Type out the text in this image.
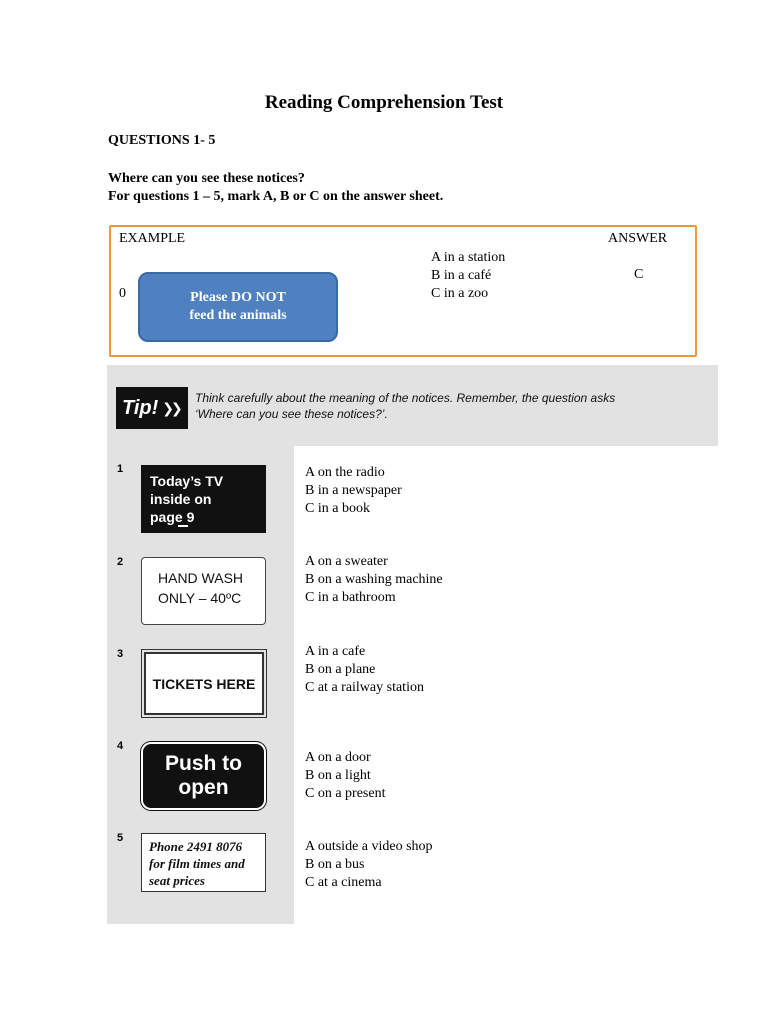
Reading Comprehension Test
QUESTIONS 1- 5
Where can you see these notices?
For questions 1 – 5, mark A, B or C on the answer sheet.
EXAMPLE	ANSWER
0	Please DO NOT
feed the animals
A in a station
B in a café
C in a zoo
C
Tip! ❯❯
Think carefully about the meaning of the notices. Remember, the question asks
‘Where can you see these notices?’.
1
Today’s TV
inside on
page 9
A on the radio
B in a newspaper
C in a book
2
HAND WASH
ONLY – 40ºC
A on a sweater
B on a washing machine
C in a bathroom
3
TICKETS HERE
A in a cafe
B on a plane
C at a railway station
4
Push to
open
A on a door
B on a light
C on a present
5
Phone 2491 8076
for film times and
seat prices
A outside a video shop
B on a bus
C at a cinema
